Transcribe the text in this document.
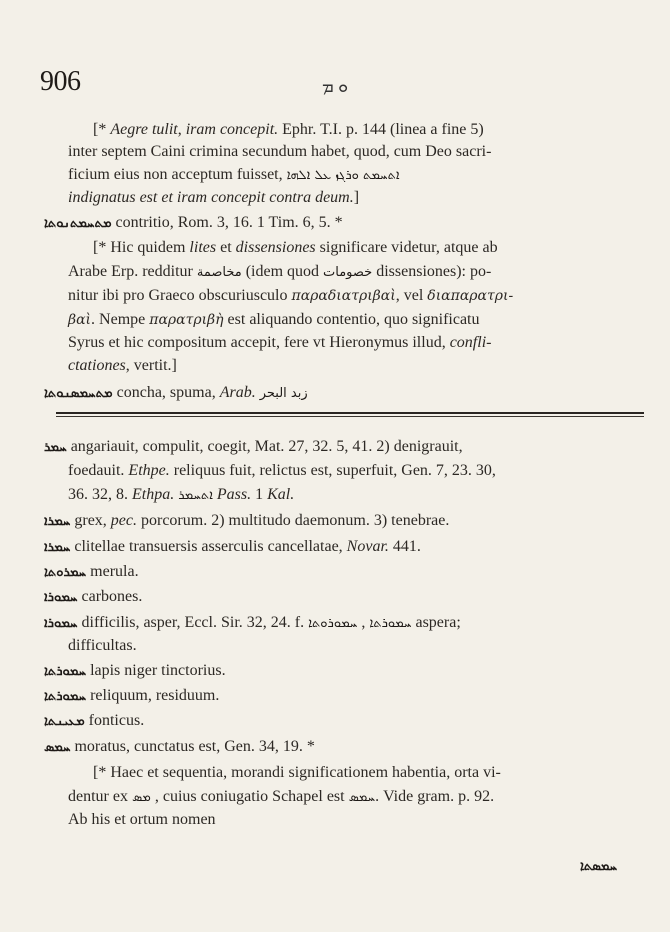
906	ܘ ܡ
[* Aegre tulit, iram concepit. Ephr. T.I. p. 144 (linea a fine 5)
inter septem Caini crimina secundum habet, quod, cum Deo sacri-
ficium eius non acceptum fuisset, ܐܬܚܡܬ ܘܪܓܙ ܥܠ ܐܠܗܐ
indignatus est et iram concepit contra deum.]
ܡܬܚܡܬܢܘܬܐ contritio, Rom. 3, 16. 1 Tim. 6, 5. *
[* Hic quidem lites et dissensiones significare videtur, atque ab
Arabe Erp. redditur مخاصمة (idem quod خصومات dissensiones): po-
nitur ibi pro Graeco obscuriusculo παραδιατριβαὶ, vel διαπαρατρι-
βαὶ. Nempe παρατριβὴ est aliquando contentio, quo significatu
Syrus et hic compositum accepit, fere vt Hieronymus illud, confli-
ctationes, vertit.]
ܡܬܚܡܣܢܘܬܐ concha, spuma, Arab. زبد البحر
ܚܡܪ angariauit, compulit, coegit, Mat. 27, 32. 5, 41. 2) denigrauit,
foedauit. Ethpe. reliquus fuit, relictus est, superfuit, Gen. 7, 23. 30,
36. 32, 8. Ethpa. ܐܬܚܡܪ Pass. 1 Kal.
ܚܡܪܐ grex, pec. porcorum. 2) multitudo daemonum. 3) tenebrae.
ܚܡܪܐ clitellae transuersis asserculis cancellatae, Novar. 441.
ܚܡܪܘܬܐ merula.
ܚܡܘܪܐ carbones.
ܚܡܘܪܐ difficilis, asper, Eccl. Sir. 32, 24. f.	ܚܡܘܪܬܐ , ܚܡܘܪܘܬܐ	aspera;
difficultas.
ܚܡܘܪܬܐ lapis niger tinctorius.
ܚܡܘܪܬܐ reliquum, residuum.
ܡܥܝܢܬܐ fonticus.
ܚܡܣ moratus, cunctatus est, Gen. 34, 19. *
[* Haec et sequentia, morandi significationem habentia, orta vi-
dentur ex ܡܣ , cuius coniugatio Schapel est ܚܡܣ. Vide gram. p. 92.
Ab his et ortum nomen
ܚܡܣܬܐ
